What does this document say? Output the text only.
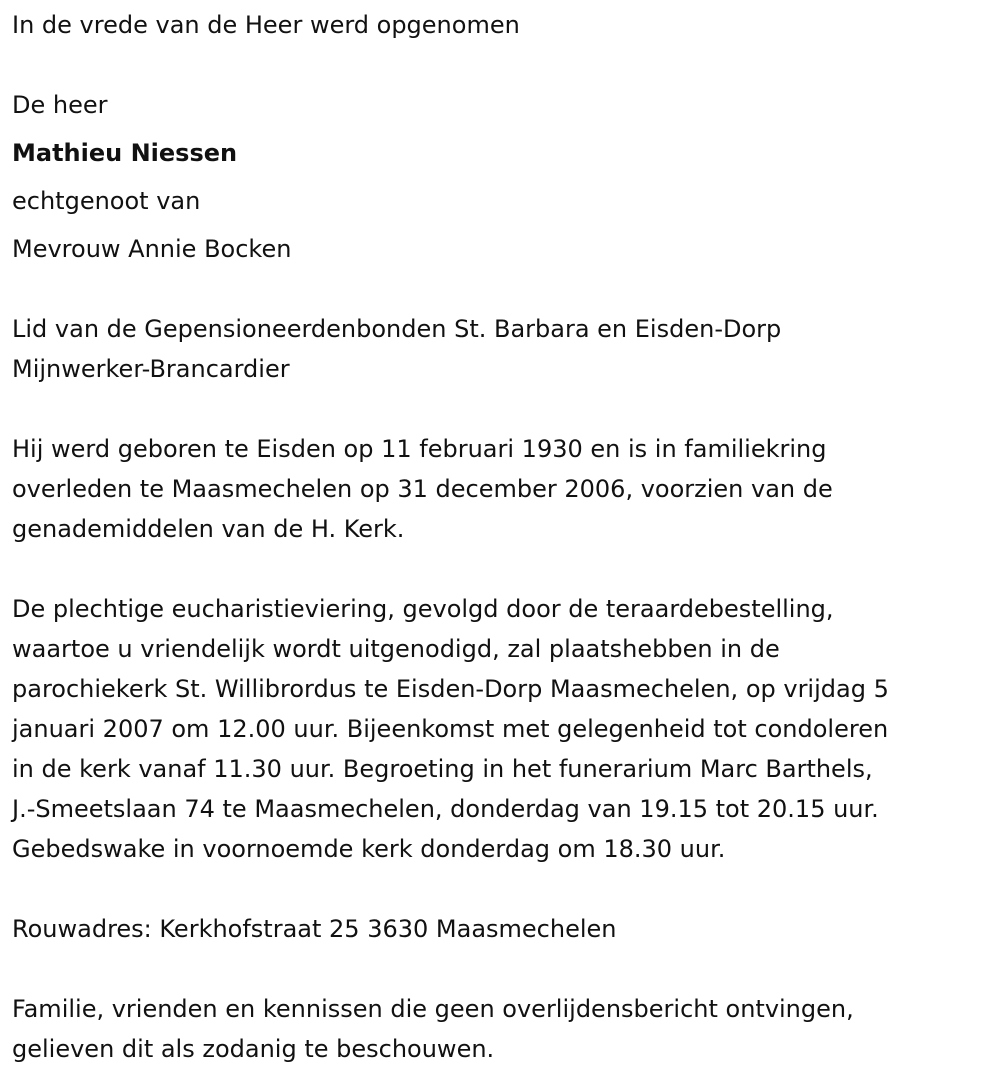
In de vrede van de Heer werd opgenomen
De heer
Mathieu Niessen
echtgenoot van
Mevrouw Annie Bocken
Lid van de Gepensioneerdenbonden St. Barbara en Eisden-Dorp
Mijnwerker-Brancardier
Hij werd geboren te Eisden op 11 februari 1930 en is in familiekring
overleden te Maasmechelen op 31 december 2006, voorzien van de
genademiddelen van de H. Kerk.
De plechtige eucharistieviering, gevolgd door de teraardebestelling,
waartoe u vriendelijk wordt uitgenodigd, zal plaatshebben in de
parochiekerk St. Willibrordus te Eisden-Dorp Maasmechelen, op vrijdag 5
januari 2007 om 12.00 uur. Bijeenkomst met gelegenheid tot condoleren
in de kerk vanaf 11.30 uur. Begroeting in het funerarium Marc Barthels,
J.-Smeetslaan 74 te Maasmechelen, donderdag van 19.15 tot 20.15 uur.
Gebedswake in voornoemde kerk donderdag om 18.30 uur.
Rouwadres: Kerkhofstraat 25 3630 Maasmechelen
Familie, vrienden en kennissen die geen overlijdensbericht ontvingen,
gelieven dit als zodanig te beschouwen.
